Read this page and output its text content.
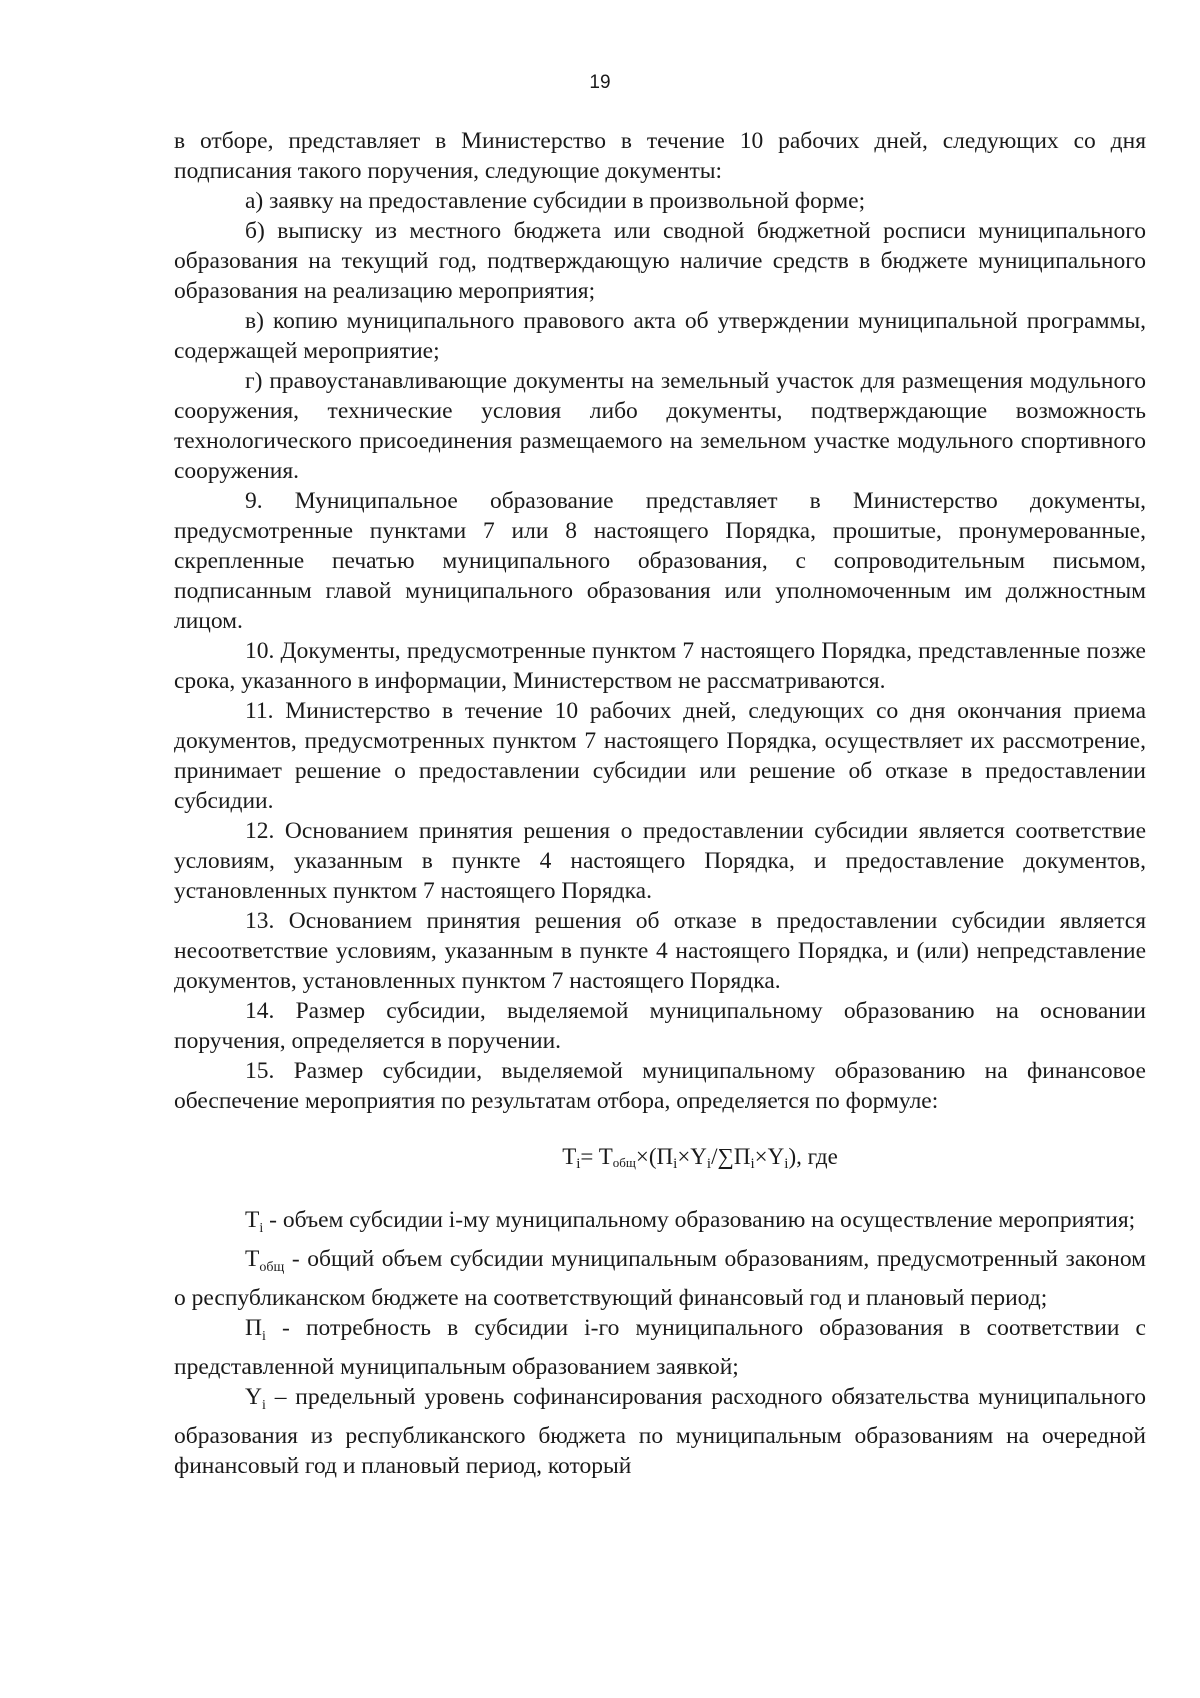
19

в отборе, представляет в Министерство в течение 10 рабочих дней, следующих со дня подписания такого поручения, следующие документы:

а) заявку на предоставление субсидии в произвольной форме;

б) выписку из местного бюджета или сводной бюджетной росписи муниципального образования на текущий год, подтверждающую наличие средств в бюджете муниципального образования на реализацию мероприятия;

в) копию муниципального правового акта об утверждении муниципальной программы, содержащей мероприятие;

г) правоустанавливающие документы на земельный участок для размещения модульного сооружения, технические условия либо документы, подтверждающие возможность технологического присоединения размещаемого на земельном участке модульного спортивного сооружения.

9. Муниципальное образование представляет в Министерство документы, предусмотренные пунктами 7 или 8 настоящего Порядка, прошитые, пронумерованные, скрепленные печатью муниципального образования, с сопроводительным письмом, подписанным главой муниципального образования или уполномоченным им должностным лицом.

10. Документы, предусмотренные пунктом 7 настоящего Порядка, представленные позже срока, указанного в информации, Министерством не рассматриваются.

11. Министерство в течение 10 рабочих дней, следующих со дня окончания приема документов, предусмотренных пунктом 7 настоящего Порядка, осуществляет их рассмотрение, принимает решение о предоставлении субсидии или решение об отказе в предоставлении субсидии.

12. Основанием принятия решения о предоставлении субсидии является соответствие условиям, указанным в пункте 4 настоящего Порядка, и предоставление документов, установленных пунктом 7 настоящего Порядка.

13. Основанием принятия решения об отказе в предоставлении субсидии является несоответствие условиям, указанным в пункте 4 настоящего Порядка, и (или) непредставление документов, установленных пунктом 7 настоящего Порядка.

14. Размер субсидии, выделяемой муниципальному образованию на основании поручения, определяется в поручении.

15. Размер субсидии, выделяемой муниципальному образованию на финансовое обеспечение мероприятия по результатам отбора, определяется по формуле:

$Ti= T_{общ}\times(Пi\times Yi/\sum Пi\times Yi)$, где

$T_i$ - объем субсидии i-му муниципальному образованию на осуществление мероприятия;

$T_{общ}$ - общий объем субсидии муниципальным образованиям, предусмотренный законом о республиканском бюджете на соответствующий финансовый год и плановый период;

$П_i$ - потребность в субсидии i-го муниципального образования в соответствии с представленной муниципальным образованием заявкой;

$Y_i$ – предельный уровень софинансирования расходного обязательства муниципального образования из республиканского бюджета по муниципальным образованиям на очередной финансовый год и плановый период, который
